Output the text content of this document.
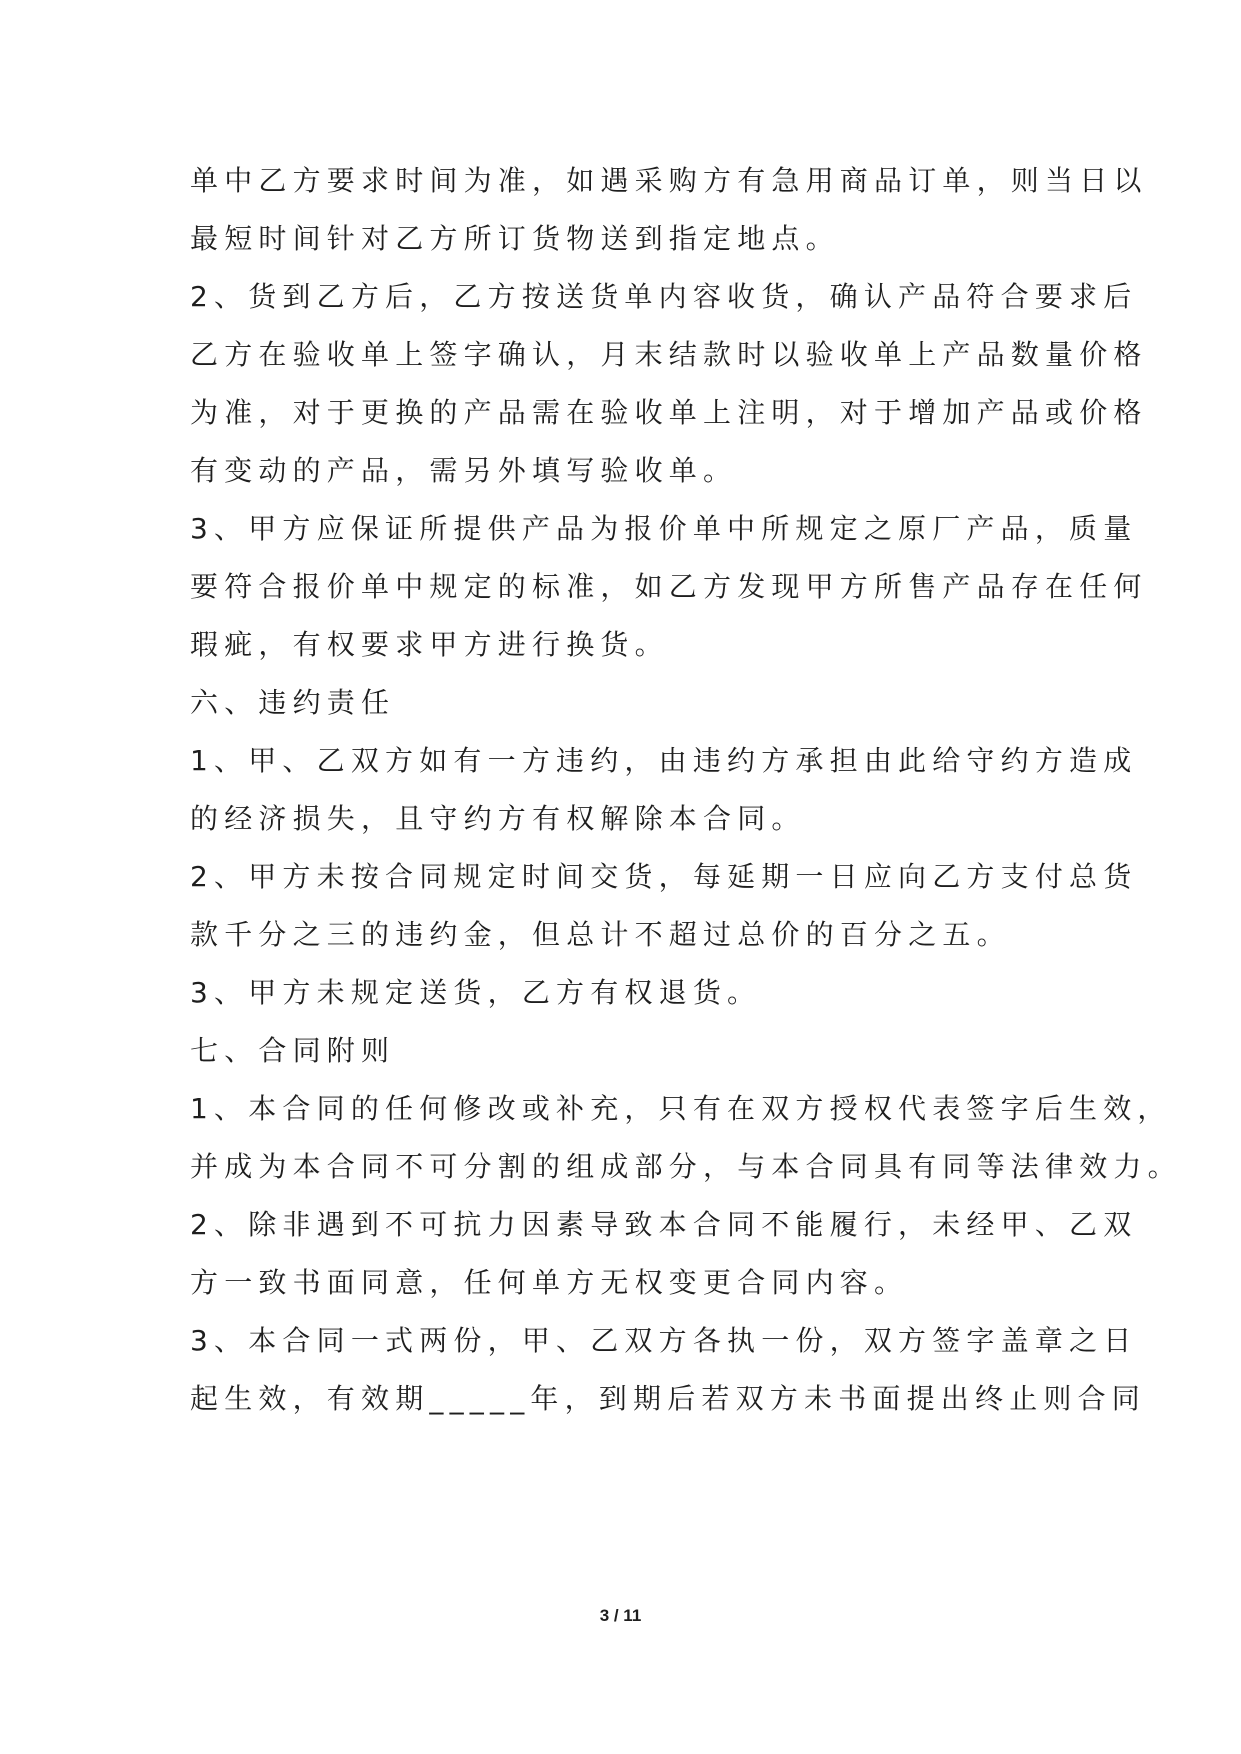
单中乙方要求时间为准，如遇采购方有急用商品订单，则当日以
最短时间针对乙方所订货物送到指定地点。
2、货到乙方后，乙方按送货单内容收货，确认产品符合要求后
乙方在验收单上签字确认，月末结款时以验收单上产品数量价格
为准，对于更换的产品需在验收单上注明，对于增加产品或价格
有变动的产品，需另外填写验收单。
3、甲方应保证所提供产品为报价单中所规定之原厂产品，质量
要符合报价单中规定的标准，如乙方发现甲方所售产品存在任何
瑕疵，有权要求甲方进行换货。
六、违约责任
1、甲、乙双方如有一方违约，由违约方承担由此给守约方造成
的经济损失，且守约方有权解除本合同。
2、甲方未按合同规定时间交货，每延期一日应向乙方支付总货
款千分之三的违约金，但总计不超过总价的百分之五。
3、甲方未规定送货，乙方有权退货。
七、合同附则
1、本合同的任何修改或补充，只有在双方授权代表签字后生效，
并成为本合同不可分割的组成部分，与本合同具有同等法律效力。
2、除非遇到不可抗力因素导致本合同不能履行，未经甲、乙双
方一致书面同意，任何单方无权变更合同内容。
3、本合同一式两份，甲、乙双方各执一份，双方签字盖章之日
起生效，有效期_____年，到期后若双方未书面提出终止则合同
3 / 11
